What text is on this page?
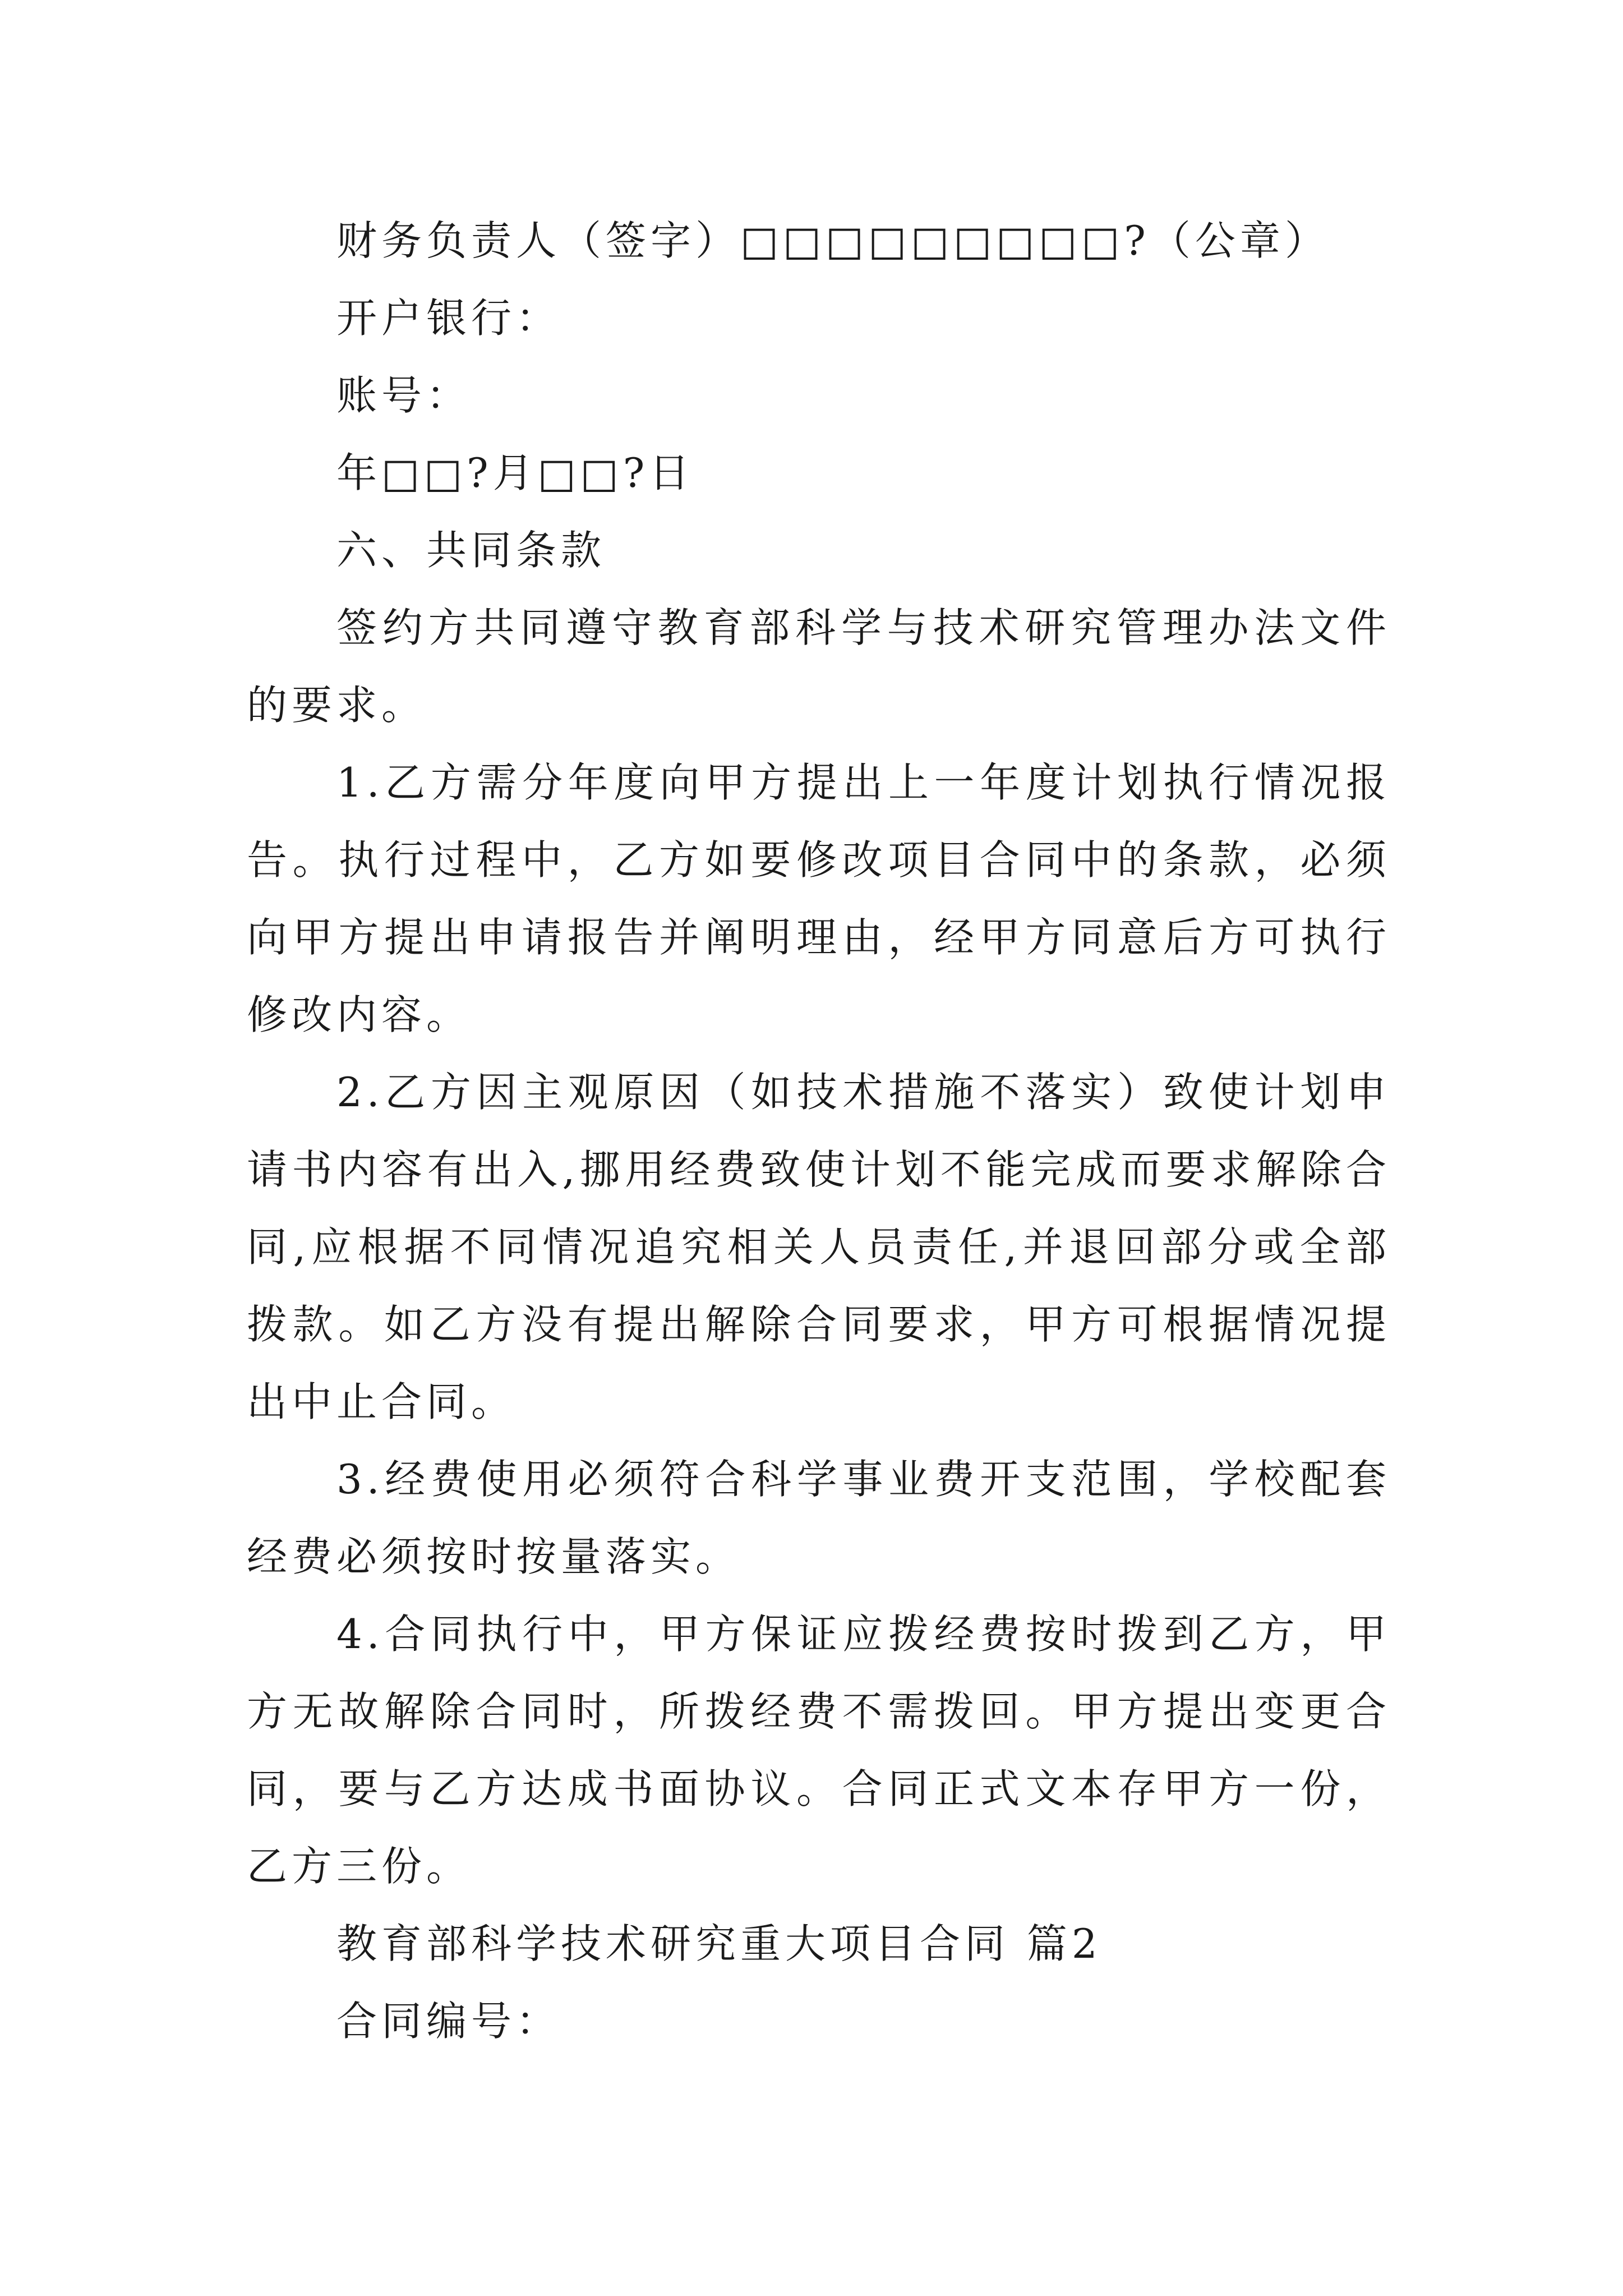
财务负责人（签字）□□□□□□□□□?（公章）
开户银行：
账号：
年□□?月□□?日
六、共同条款

签约方共同遵守教育部科学与技术研究管理办法文件的要求。

1.乙方需分年度向甲方提出上一年度计划执行情况报告。执行过程中，乙方如要修改项目合同中的条款，必须向甲方提出申请报告并阐明理由，经甲方同意后方可执行修改内容。

2.乙方因主观原因（如技术措施不落实）致使计划申请书内容有出入,挪用经费致使计划不能完成而要求解除合同,应根据不同情况追究相关人员责任,并退回部分或全部拨款。如乙方没有提出解除合同要求，甲方可根据情况提出中止合同。

3.经费使用必须符合科学事业费开支范围，学校配套经费必须按时按量落实。

4.合同执行中，甲方保证应拨经费按时拨到乙方，甲方无故解除合同时，所拨经费不需拨回。甲方提出变更合同，要与乙方达成书面协议。合同正式文本存甲方一份，乙方三份。

教育部科学技术研究重大项目合同 篇2
合同编号：
